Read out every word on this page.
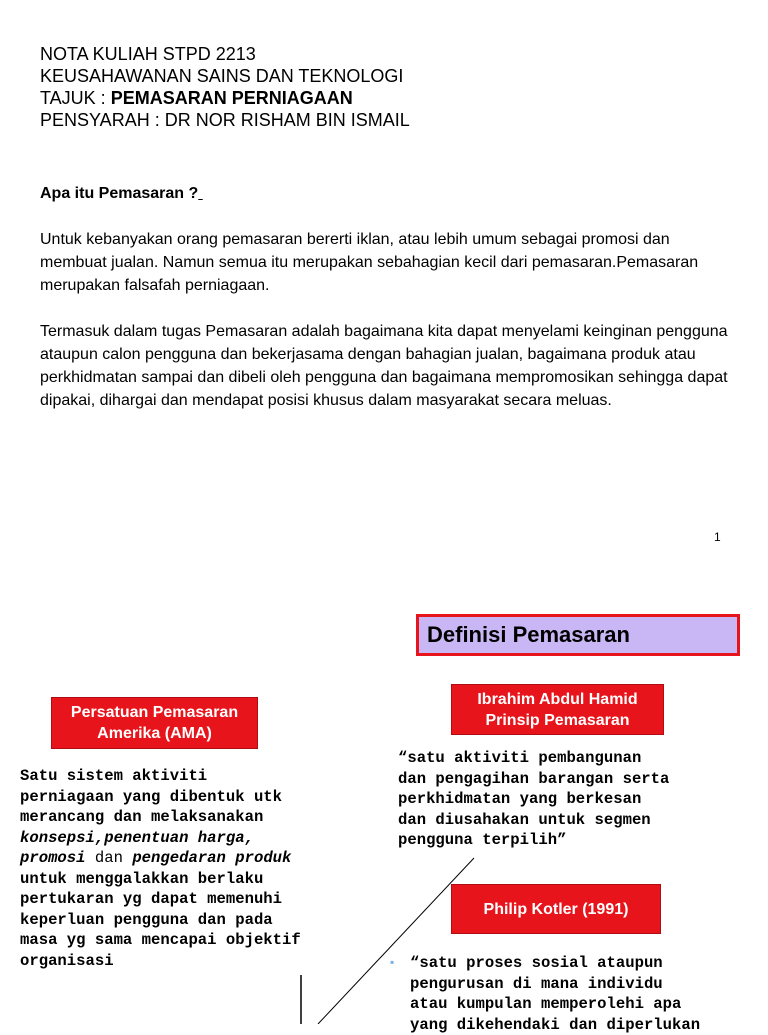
NOTA KULIAH STPD 2213
KEUSAHAWANAN SAINS DAN TEKNOLOGI
TAJUK : PEMASARAN PERNIAGAAN
PENSYARAH : DR NOR RISHAM BIN ISMAIL
Apa itu Pemasaran ?
Untuk kebanyakan orang pemasaran bererti iklan, atau lebih umum sebagai promosi dan membuat jualan. Namun semua itu merupakan sebahagian kecil dari pemasaran.Pemasaran merupakan falsafah perniagaan.
Termasuk dalam tugas Pemasaran adalah bagaimana kita dapat menyelami keinginan pengguna ataupun calon pengguna dan bekerjasama dengan bahagian jualan, bagaimana produk atau perkhidmatan sampai dan dibeli oleh pengguna dan bagaimana mempromosikan sehingga dapat dipakai, dihargai dan mendapat posisi khusus dalam masyarakat secara meluas.
1
Definisi Pemasaran
Persatuan Pemasaran
Amerika (AMA)
Ibrahim Abdul Hamid
Prinsip Pemasaran
Philip Kotler (1991)
Satu sistem aktiviti
perniagaan yang dibentuk utk
merancang dan melaksanakan
konsepsi,penentuan harga,
promosi dan pengedaran produk
untuk menggalakkan berlaku
pertukaran yg dapat memenuhi
keperluan pengguna dan pada
masa yg sama mencapai objektif
organisasi
“satu aktiviti pembangunan
dan pengagihan barangan serta
perkhidmatan yang berkesan
dan diusahakan untuk segmen
pengguna terpilih”
▪ “satu proses sosial ataupun
pengurusan di mana individu
atau kumpulan memperolehi apa
yang dikehendaki dan diperlukan
